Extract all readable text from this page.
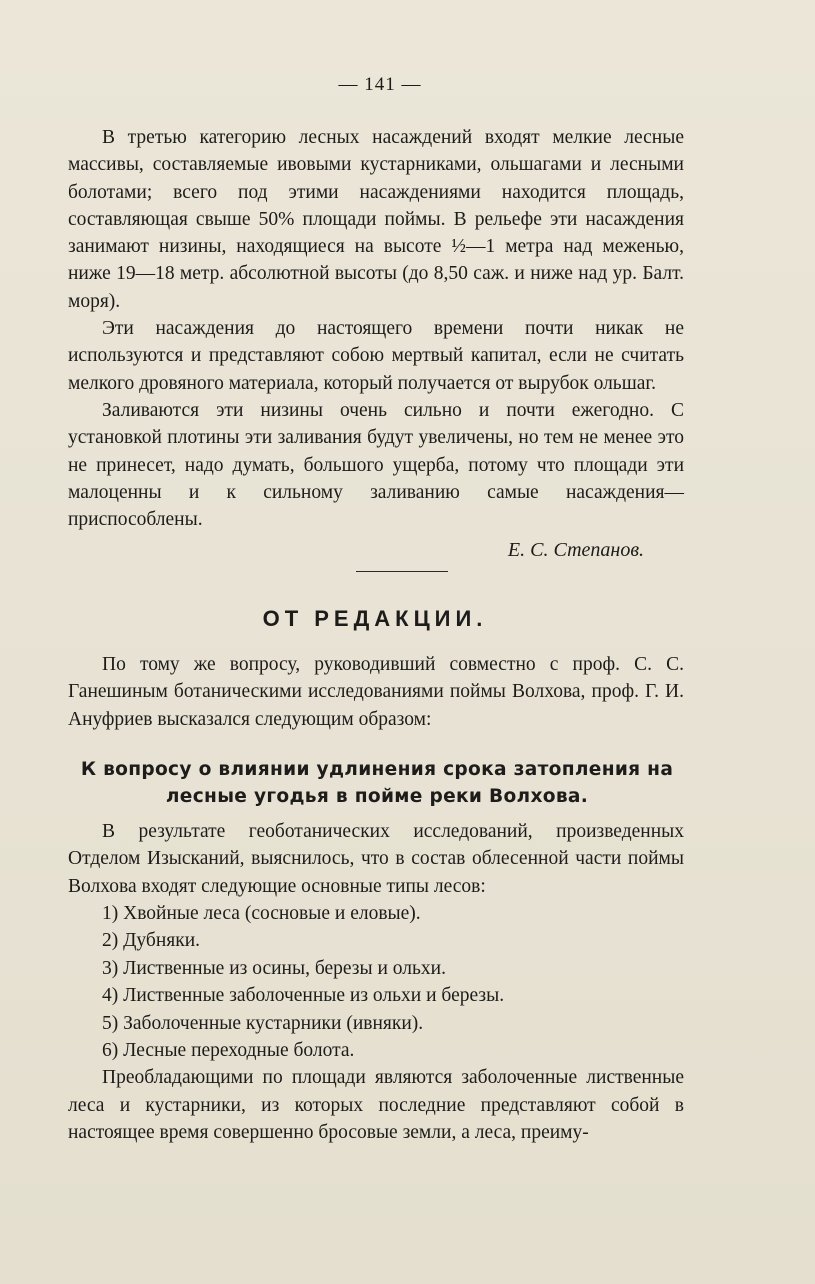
— 141 —

В третью категорию лесных насаждений входят мелкие лесные массивы, составляемые ивовыми кустарниками, ольшагами и лесными болотами; всего под этими насаждениями находится площадь, составляющая свыше 50% площади поймы. В рельефе эти насаждения занимают низины, находящиеся на высоте ½—1 метра над меженью, ниже 19—18 метр. абсолютной высоты (до 8,50 саж. и ниже над ур. Балт. моря).

Эти насаждения до настоящего времени почти никак не используются и представляют собою мертвый капитал, если не считать мелкого дровяного материала, который получается от вырубок ольшаг.

Заливаются эти низины очень сильно и почти ежегодно. С установкой плотины эти заливания будут увеличены, но тем не менее это не принесет, надо думать, большого ущерба, потому что площади эти малоценны и к сильному заливанию самые насаждения—приспособлены.

Е. С. Степанов.
ОТ РЕДАКЦИИ.

По тому же вопросу, руководивший совместно с проф. С. С. Ганешиным ботаническими исследованиями поймы Волхова, проф. Г. И. Ануфриев высказался следующим образом:

К вопросу о влиянии удлинения срока затопления на лесные угодья в пойме реки Волхова.

В результате геоботанических исследований, произведенных Отделом Изысканий, выяснилось, что в состав облесенной части поймы Волхова входят следующие основные типы лесов:

1) Хвойные леса (сосновые и еловые).
2) Дубняки.
3) Лиственные из осины, березы и ольхи.
4) Лиственные заболоченные из ольхи и березы.
5) Заболоченные кустарники (ивняки).
6) Лесные переходные болота.

Преобладающими по площади являются заболоченные лиственные леса и кустарники, из которых последние представляют собой в настоящее время совершенно бросовые земли, а леса, преиму-
